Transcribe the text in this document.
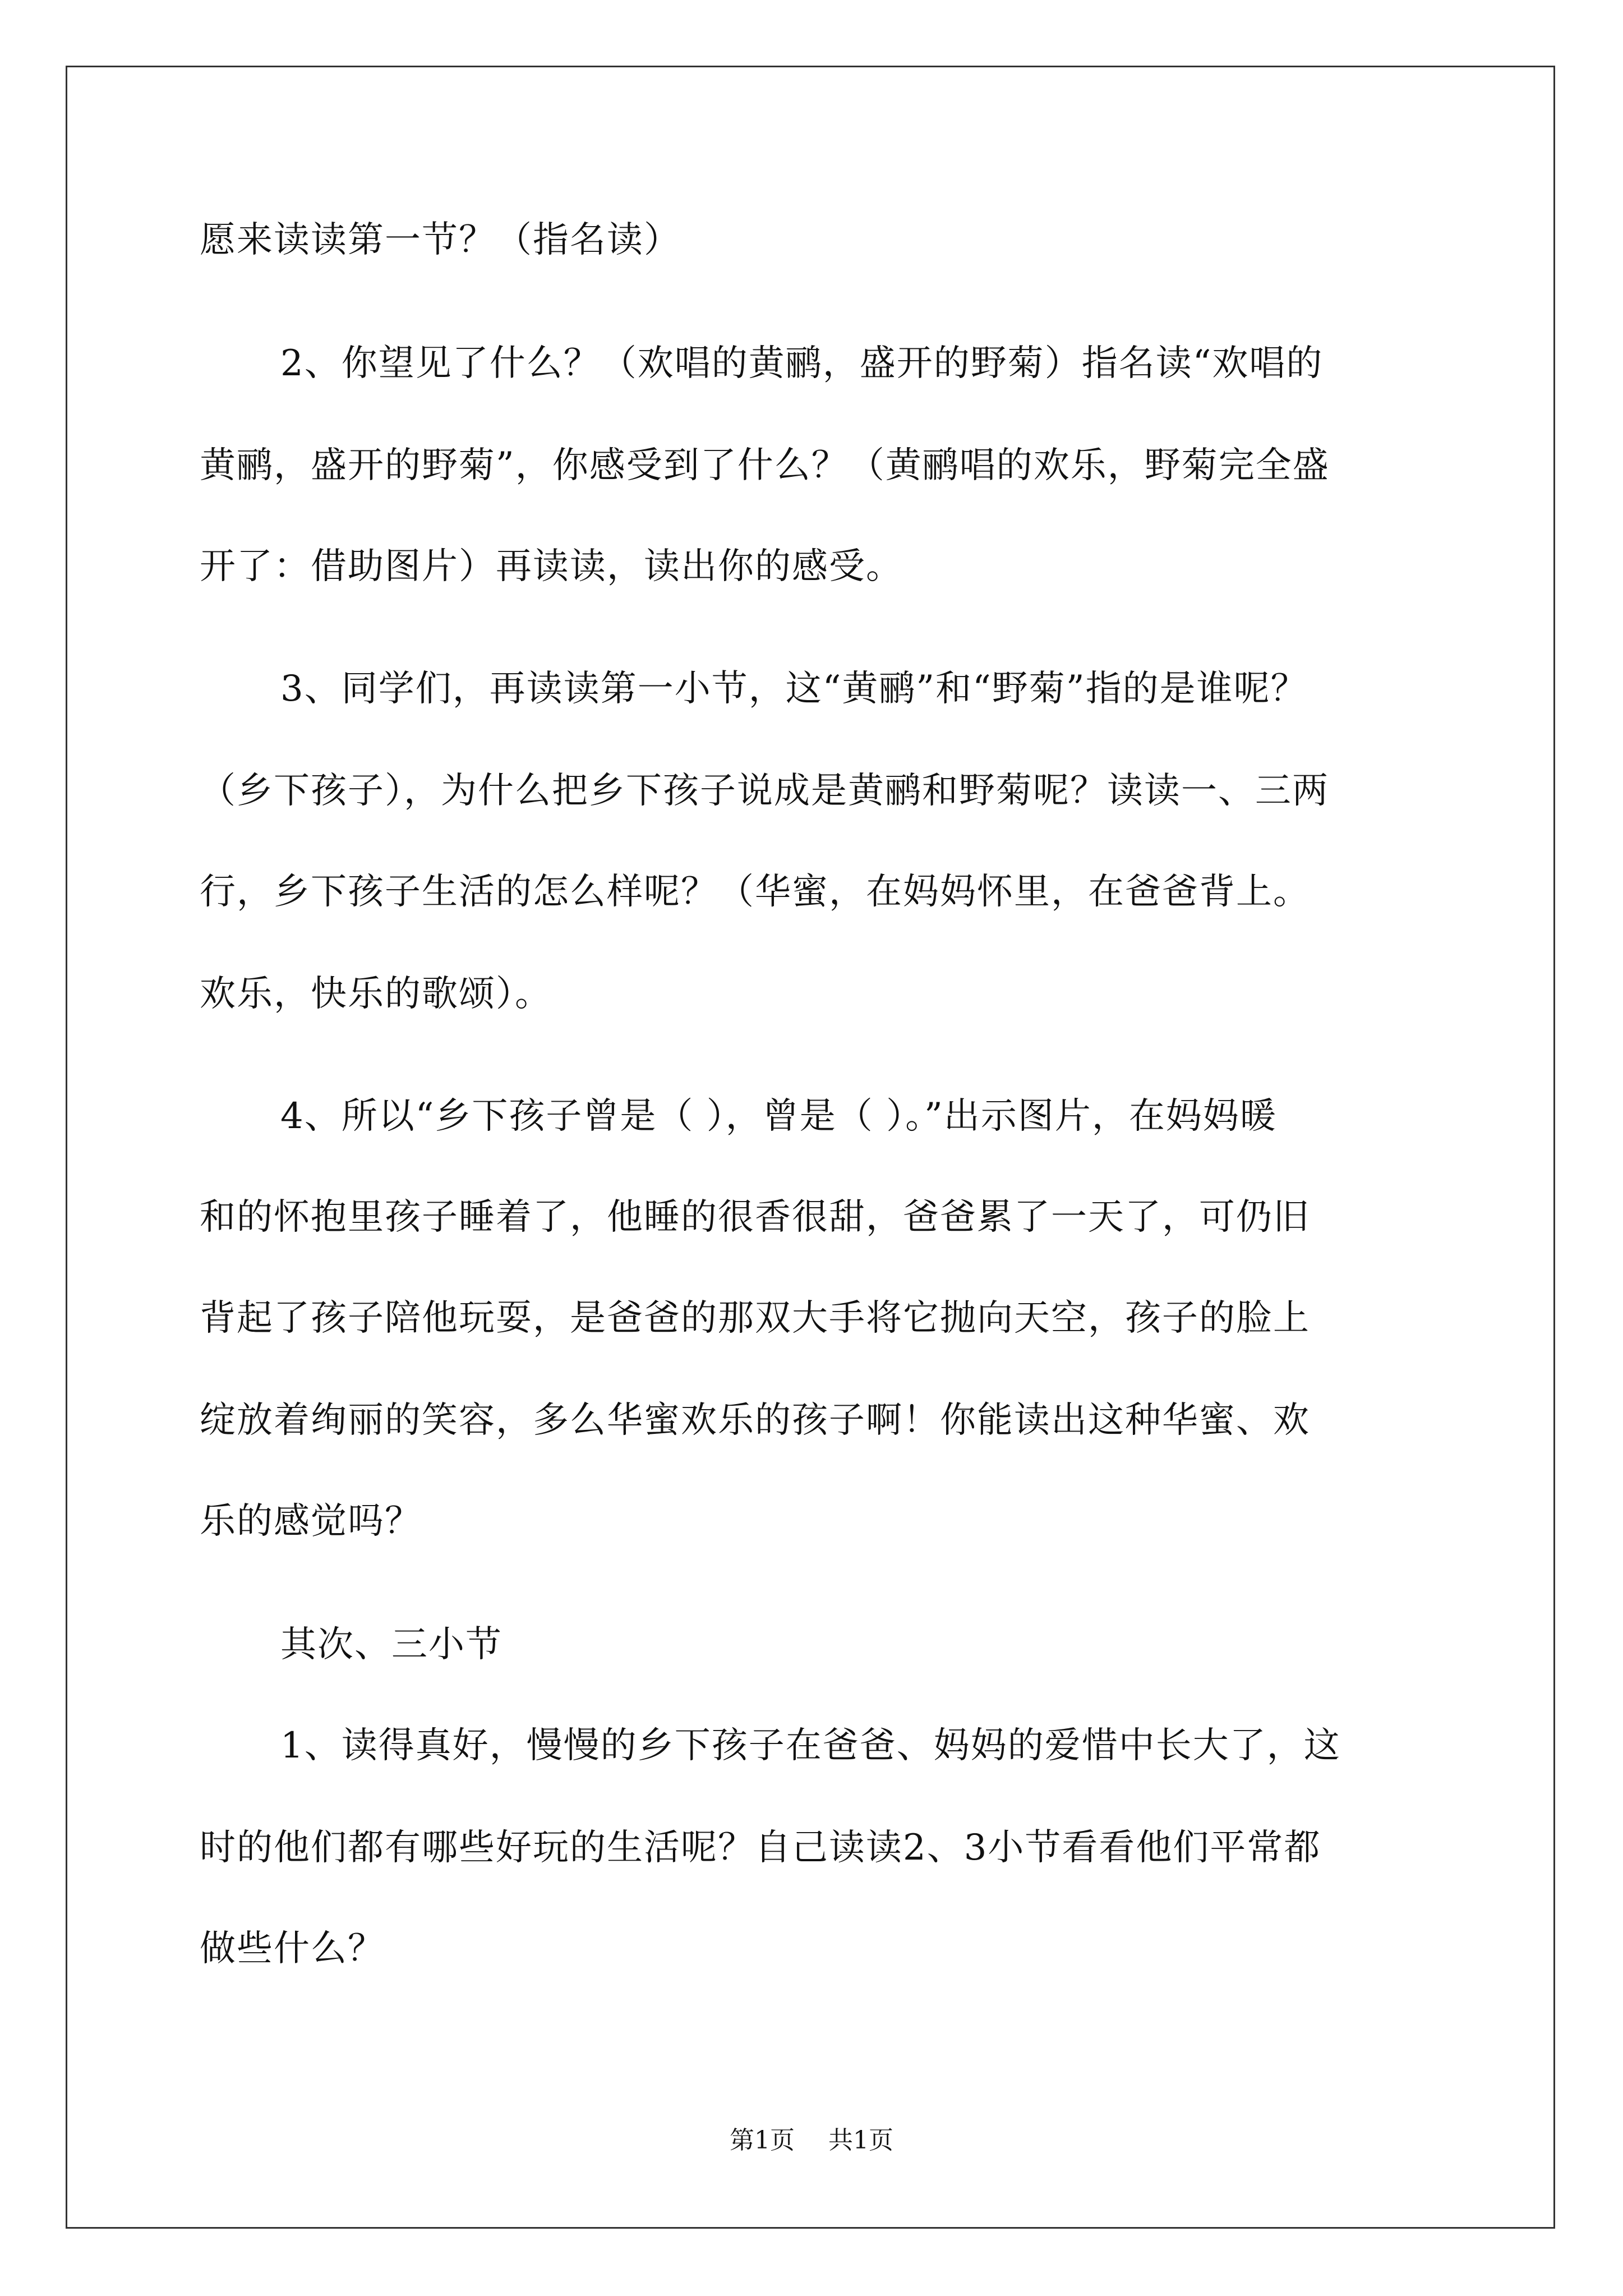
愿来读读第一节？（指名读）
2、你望见了什么？（欢唱的黄鹂，盛开的野菊）指名读“欢唱的
黄鹂，盛开的野菊”，你感受到了什么？（黄鹂唱的欢乐，野菊完全盛
开了：借助图片）再读读，读出你的感受。
3、同学们，再读读第一小节，这“黄鹂”和“野菊”指的是谁呢？
（乡下孩子），为什么把乡下孩子说成是黄鹂和野菊呢？读读一、三两
行，乡下孩子生活的怎么样呢？（华蜜，在妈妈怀里，在爸爸背上。
欢乐，快乐的歌颂）。
4、所以“乡下孩子曾是（ ），曾是（ ）。”出示图片，在妈妈暖
和的怀抱里孩子睡着了，他睡的很香很甜，爸爸累了一天了，可仍旧
背起了孩子陪他玩耍，是爸爸的那双大手将它抛向天空，孩子的脸上
绽放着绚丽的笑容，多么华蜜欢乐的孩子啊！你能读出这种华蜜、欢
乐的感觉吗？
其次、三小节
1、读得真好，慢慢的乡下孩子在爸爸、妈妈的爱惜中长大了，这
时的他们都有哪些好玩的生活呢？自己读读2、3小节看看他们平常都
做些什么？
第1页 共1页
